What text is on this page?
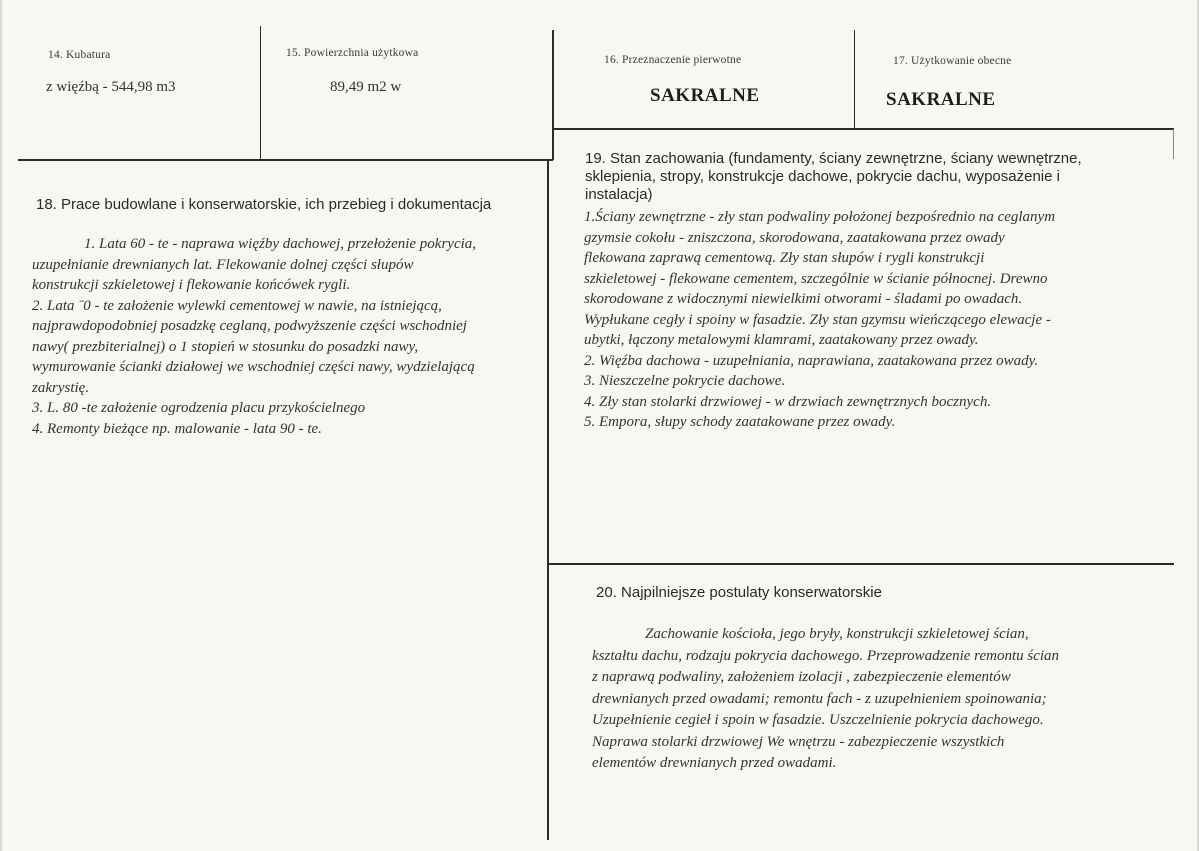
14. Kubatura
z więźbą - 544,98 m3
15. Powierzchnia użytkowa
89,49 m2 w
16. Przeznaczenie pierwotne
SAKRALNE
17. Użytkowanie obecne
SAKRALNE
18. Prace budowlane i konserwatorskie, ich przebieg i dokumentacja
1. Lata 60 - te - naprawa więźby dachowej, przełożenie pokrycia,
uzupełnianie drewnianych lat. Flekowanie dolnej części słupów
konstrukcji szkieletowej i flekowanie końcówek rygli.
2. Lata ˉ0 - te założenie wylewki cementowej w nawie, na istniejącą,
najprawdopodobniej posadzkę ceglaną, podwyższenie części wschodniej
nawy( prezbiterialnej) o 1 stopień w stosunku do posadzki nawy,
wymurowanie ścianki działowej we wschodniej części nawy, wydzielającą
zakrystię.
3. L. 80 -te założenie ogrodzenia placu przykościelnego
4. Remonty bieżące np. malowanie - lata 90 - te.
19. Stan zachowania (fundamenty, ściany zewnętrzne, ściany wewnętrzne,
sklepienia, stropy, konstrukcje dachowe, pokrycie dachu, wyposażenie i
instalacja)
1.Ściany zewnętrzne - zły stan podwaliny położonej bezpośrednio na ceglanym
gzymsie cokołu - zniszczona, skorodowana, zaatakowana przez owady
flekowana zaprawą cementową. Zły stan słupów i rygli konstrukcji
szkieletowej - flekowane cementem, szczególnie w ścianie północnej. Drewno
skorodowane z widocznymi niewielkimi otworami - śladami po owadach.
Wypłukane cegły i spoiny w fasadzie. Zły stan gzymsu wieńczącego elewacje -
ubytki, łączony metalowymi klamrami, zaatakowany przez owady.
2. Więźba dachowa - uzupełniania, naprawiana, zaatakowana przez owady.
3. Nieszczelne pokrycie dachowe.
4. Zły stan stolarki drzwiowej - w drzwiach zewnętrznych bocznych.
5. Empora, słupy schody zaatakowane przez owady.
20. Najpilniejsze postulaty konserwatorskie
Zachowanie kościoła, jego bryły, konstrukcji szkieletowej ścian,
kształtu dachu, rodzaju pokrycia dachowego. Przeprowadzenie remontu ścian
z naprawą podwaliny, założeniem izolacji , zabezpieczenie elementów
drewnianych przed owadami; remontu fach - z uzupełnieniem spoinowania;
Uzupełnienie cegieł i spoin w fasadzie. Uszczelnienie pokrycia dachowego.
Naprawa stolarki drzwiowej We wnętrzu - zabezpieczenie wszystkich
elementów drewnianych przed owadami.
